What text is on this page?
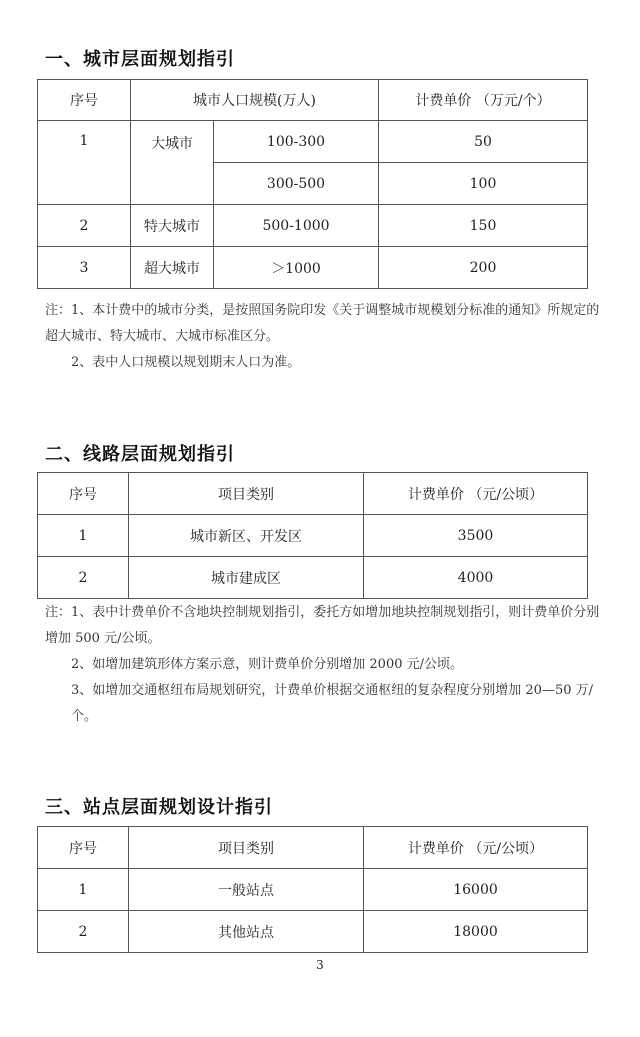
一、城市层面规划指引
序号	城市人口规模(万人)		计费单价 （万元/个）
1	大城市	100-300	50
		300-500	100
2	特大城市	500-1000	150
3	超大城市	＞1000	200

注：1、本计费中的城市分类，是按照国务院印发《关于调整城市规模划分标准的通知》所规定的超大城市、特大城市、大城市标准区分。

2、表中人口规模以规划期末人口为准。

二、线路层面规划指引
序号	项目类别	计费单价 （元/公顷）
1	城市新区、开发区	3500
2	城市建成区	4000

注：1、表中计费单价不含地块控制规划指引，委托方如增加地块控制规划指引，则计费单价分别增加 500 元/公顷。

2、如增加建筑形体方案示意，则计费单价分别增加 2000 元/公顷。

3、如增加交通枢纽布局规划研究，计费单价根据交通枢纽的复杂程度分别增加 20—50 万/个。

三、站点层面规划设计指引
序号	项目类别	计费单价 （元/公顷）
1	一般站点	16000
2	其他站点	18000
3
